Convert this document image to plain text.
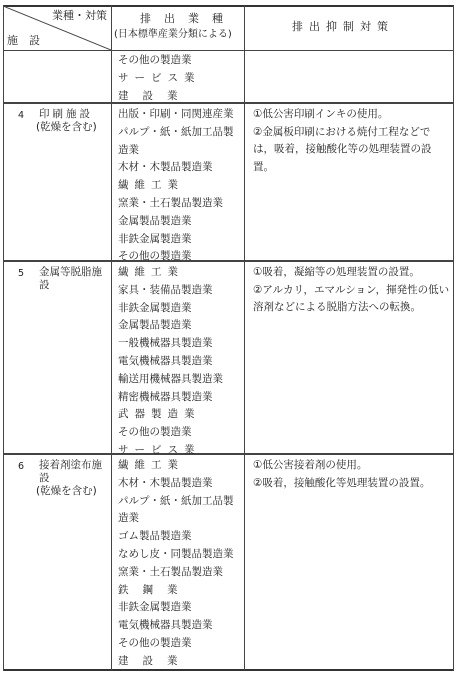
業種・対策
施　設
排　出　業　種
(日本標準産業分類による)
排出抑制対策
その他の製造業
サービス業
建設業
4 印刷施設
(乾燥を含む)
出版・印刷・同関連産業
パルプ・紙・紙加工品製
造業
木材・木製品製造業
繊維工業
窯業・土石製品製造業
金属製品製造業
非鉄金属製造業
その他の製造業

①低公害印刷インキの使用。

②金属板印刷における焼付工程などでは，吸着，接触酸化等の処理装置の設置。

5 金属等脱脂施
設
繊維工業
家具・装備品製造業
非鉄金属製造業
金属製品製造業
一般機械器具製造業
電気機械器具製造業
輸送用機械器具製造業
精密機械器具製造業
武器製造業
その他の製造業
サービス業

①吸着，凝縮等の処理装置の設置。

②アルカリ，エマルション，揮発性の低い溶剤などによる脱脂方法への転換。

6 接着剤塗布施
設
(乾燥を含む)
繊維工業
木材・木製品製造業
パルプ・紙・紙加工品製
造業
ゴム製品製造業
なめし皮・同製品製造業
窯業・土石製品製造業
鉄鋼業
非鉄金属製造業
電気機械器具製造業
その他の製造業
建設業

①低公害接着剤の使用。

②吸着，接触酸化等処理装置の設置。
